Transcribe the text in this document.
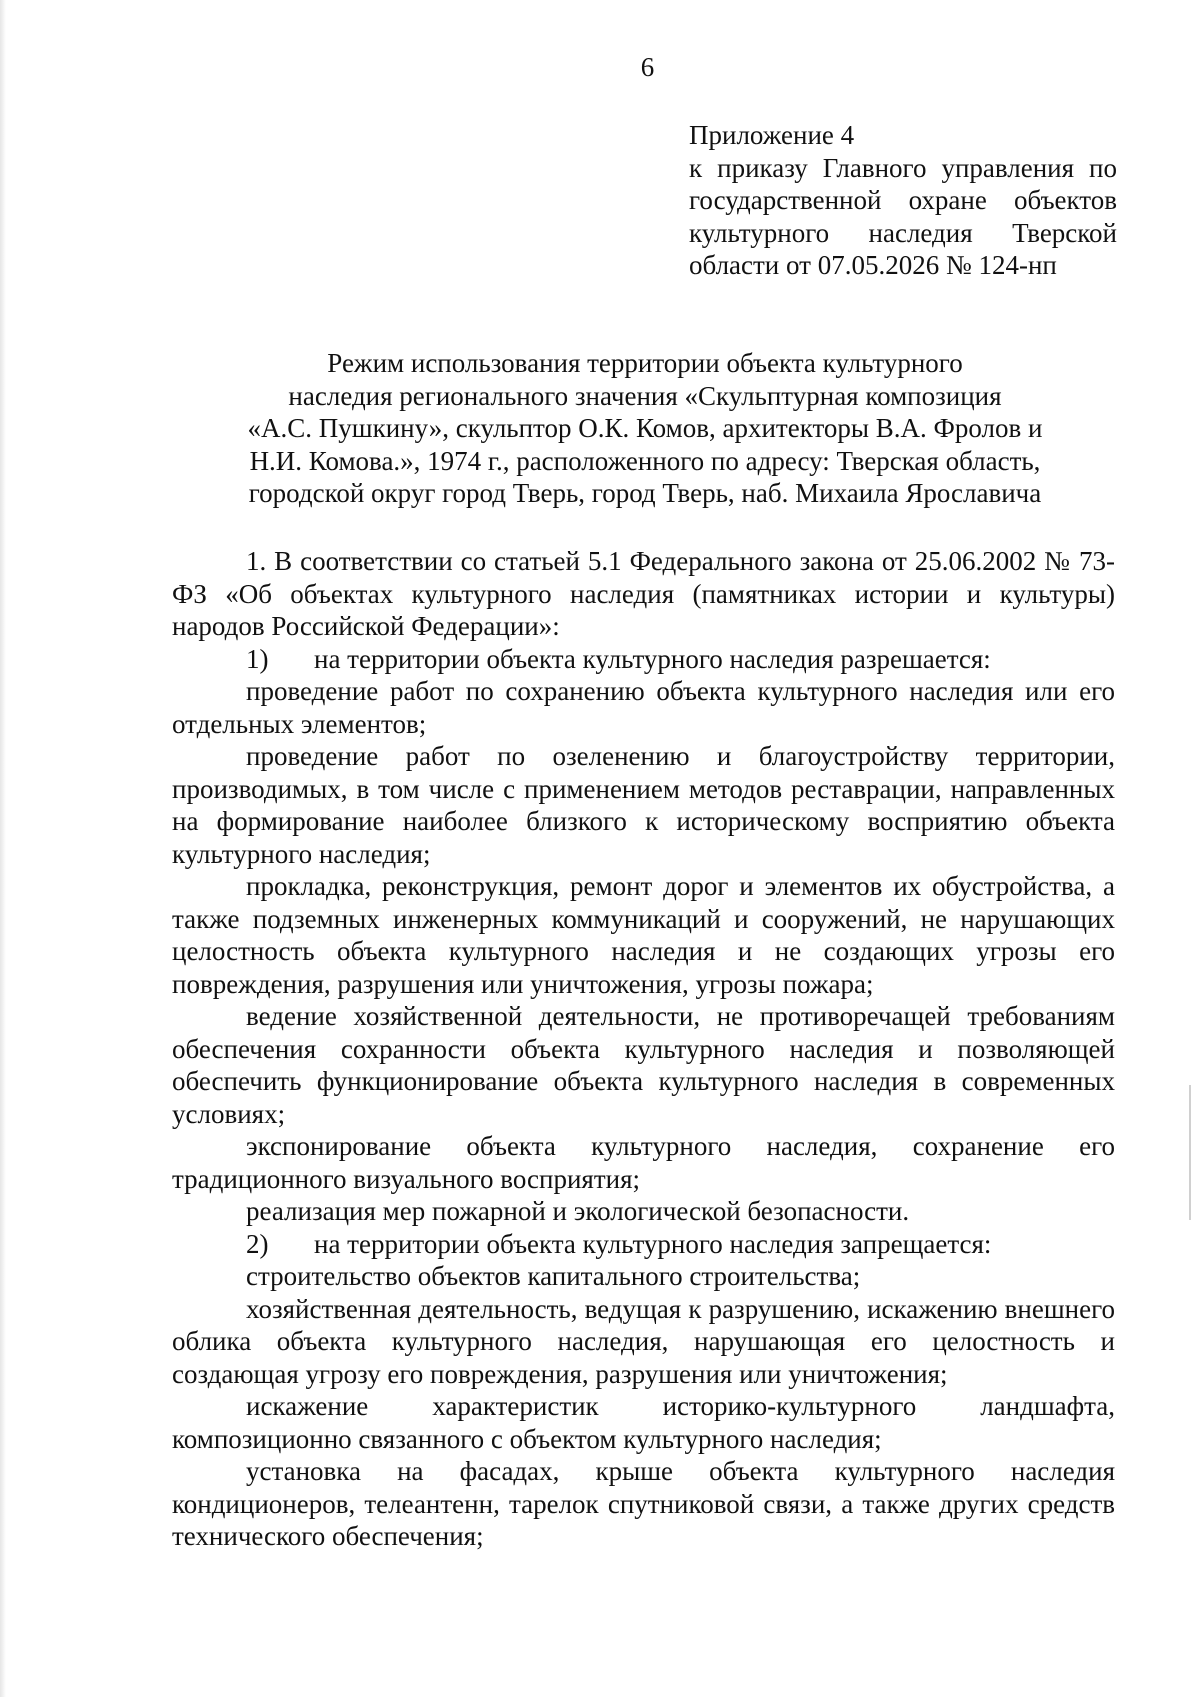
6
Приложение 4
к приказу Главного управления по
государственной охране объектов
культурного наследия Тверской
области от 07.05.2026 № 124-нп
Режим использования территории объекта культурного
наследия регионального значения «Скульптурная композиция
«А.С. Пушкину», скульптор О.К. Комов, архитекторы В.А. Фролов и
Н.И. Комова.», 1974 г., расположенного по адресу: Тверская область,
городской округ город Тверь, город Тверь, наб. Михаила Ярославича

1. В соответствии со статьей 5.1 Федерального закона от 25.06.2002 № 73-ФЗ «Об объектах культурного наследия (памятниках истории и культуры) народов Российской Федерации»:

1) на территории объекта культурного наследия разрешается:

проведение работ по сохранению объекта культурного наследия или его отдельных элементов;

проведение работ по озеленению и благоустройству территории, производимых, в том числе с применением методов реставрации, направленных на формирование наиболее близкого к историческому восприятию объекта культурного наследия;

прокладка, реконструкция, ремонт дорог и элементов их обустройства, а также подземных инженерных коммуникаций и сооружений, не нарушающих целостность объекта культурного наследия и не создающих угрозы его повреждения, разрушения или уничтожения, угрозы пожара;

ведение хозяйственной деятельности, не противоречащей требованиям обеспечения сохранности объекта культурного наследия и позволяющей обеспечить функционирование объекта культурного наследия в современных условиях;

экспонирование объекта культурного наследия, сохранение его традиционного визуального восприятия;

реализация мер пожарной и экологической безопасности.

2) на территории объекта культурного наследия запрещается:

строительство объектов капитального строительства;

хозяйственная деятельность, ведущая к разрушению, искажению внешнего облика объекта культурного наследия, нарушающая его целостность и создающая угрозу его повреждения, разрушения или уничтожения;

искажение характеристик историко-культурного ландшафта, композиционно связанного с объектом культурного наследия;

установка на фасадах, крыше объекта культурного наследия кондиционеров, телеантенн, тарелок спутниковой связи, а также других средств технического обеспечения;
